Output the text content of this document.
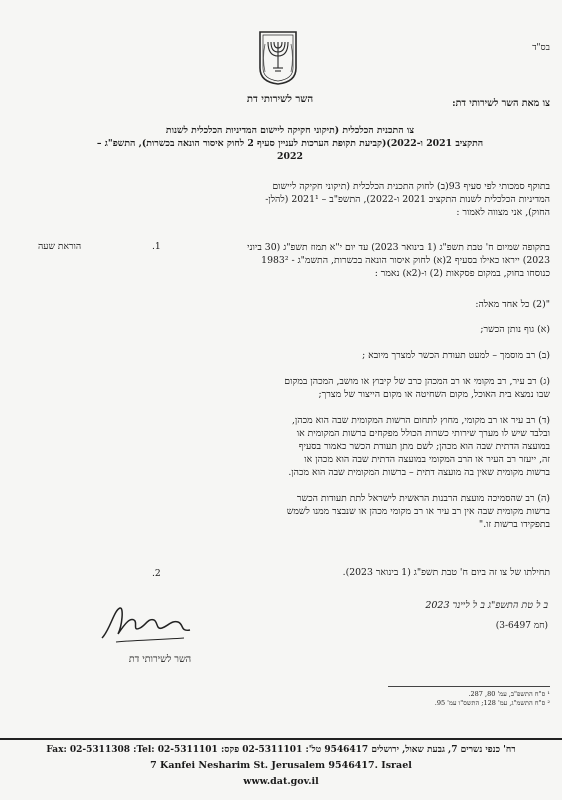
בס"ד
השר לשירותי דת	צו מאת השר לשירותי דת:
צו התכנית הכלכלית (תיקוני חקיקה ליישום המדיניות הכלכלית לשנות
התקציב 2021 ו-2022)(קביעת תקופת הערכות לעניין סעיף 2 לחוק איסור הונאה בכשרות), התשפ"ג –
2022
בתוקף סמכותי לפי סעיף 93(ב) לחוק התכנית הכלכלית (תיקוני חקיקה ליישום
המדיניות הכלכלית לשנות התקציב 2021 ו-2022), התשפ"ב – 2021¹ (להלן-
החוק), אני מצווה לאמור :
הוראת שעה	.1	בתקופה שמיום ח' טבת תשפ"ג (1 בינואר 2023) עד יום י"א תמוז תשפ"ג (30 ביוני
2023) ייראו כאילו בסעיף 2(א) לחוק איסור הונאה בכשרות, התשמ"ג - 1983²
כנוסחו בחוק, במקום פסקאות (2) ו-(2א) נאמר :
"(2) כל אחד מאלה:
(א) גוף נותן הכשר;
(ב) רב מוסמך – למעט תעודת הכשר למצרך מיובא ;
(ג) רב עיר, רב מקומי או רב המכהן כרב של קיבוץ או מושב, המכהן במקום
שבו נמצא בית האוכל, מקום השחיטה או מקום הייצור של מצרך;
(ד) רב עיר או רב מקומי, מחוץ לתחום הרשות המקומית שבה הוא מכהן,
ובלבד שיש לו מערך שירותי כשרות הכולל מפקחים ברשות המקומית או
במועצה הדתית שבה הוא מכהן; לשם מתן תעודת הכשר כאמור בסעיף
זה, ייעזר רב העיר או הרב המקומי במועצה הדתית שבה הוא מכהן או
ברשות מקומית שאין בה מועצה דתית – ברשות המקומית שבה הוא מכהן.
(ה) רב שהסמיכה מועצת הרבנות הראשית לישראל לתת תעודות הכשר
ברשות מקומית שבה אין רב עיר או רב מקומי מכהן או שנבצר ממנו לשמש
בתפקידו ברשות זו."
.2	תחילתו של צו זה ביום ח' טבת תשפ"ג (1 בינואר 2023).
ב ל טת התשפ"ג ב ל ליינר 2023
(חמ 3-6497)
השר לשירותי דת
¹ ס"ח התשפ"ב, עמ' 80, 287.
² ס"ח התשמ"ג, עמ' 128; התשס"ו עמ' 95.
רח' כנפי נשרים 7, גבעת שאול, ירושלים 9546417 טל': 02-5311101 פקס: Fax: 02-5311308 :Tel: 02-5311101
7 Kanfei Nesharim St. Jerusalem 9546417. Israel
www.dat.gov.il
